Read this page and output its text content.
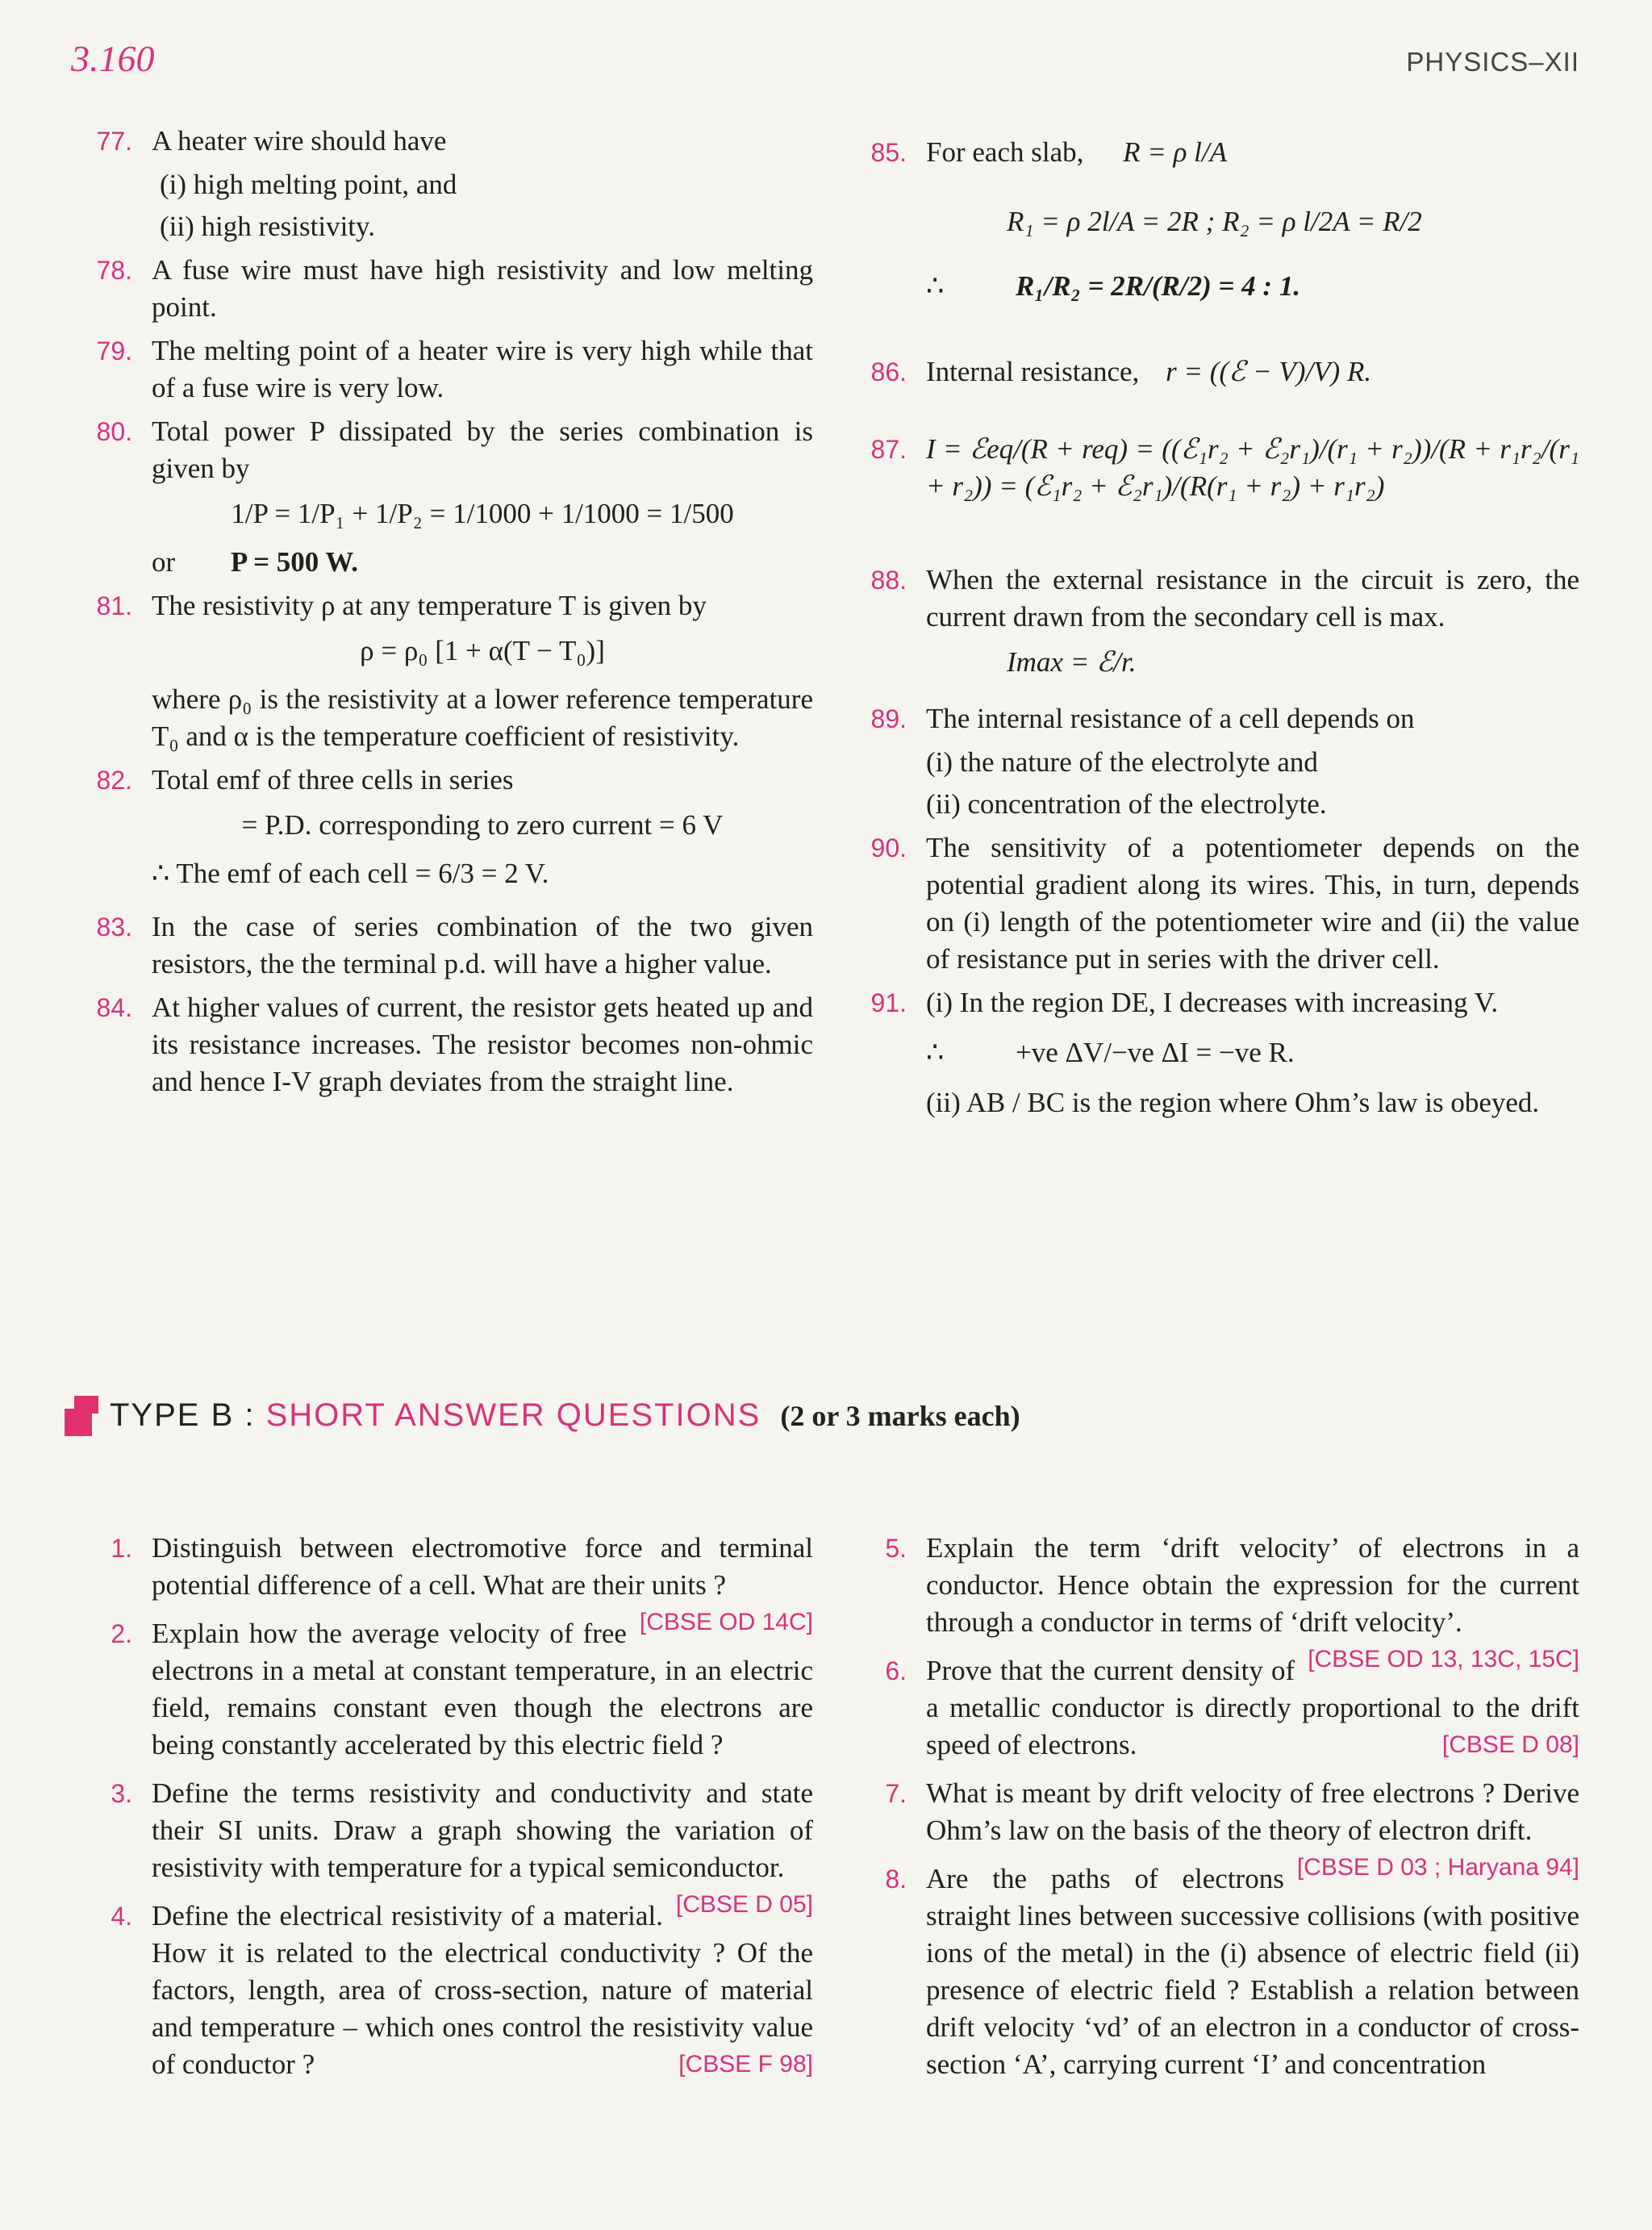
3.160	PHYSICS–XII
77. A heater wire should have
(i) high melting point, and
(ii) high resistivity.
78. A fuse wire must have high resistivity and low melting point.
79. The melting point of a heater wire is very high while that of a fuse wire is very low.
80. Total power P dissipated by the series combination is given by
1/P = 1/P₁ + 1/P₂ = 1/1000 + 1/1000 = 1/500
or P = 500 W.
81. The resistivity ρ at any temperature T is given by
ρ = ρ₀ [1 + α(T − T₀)]
where ρ₀ is the resistivity at a lower reference temperature T₀ and α is the temperature coefficient of resistivity.
82. Total emf of three cells in series
= P.D. corresponding to zero current = 6 V
∴ The emf of each cell = 6/3 = 2 V.
83. In the case of series combination of the two given resistors, the the terminal p.d. will have a higher value.
84. At higher values of current, the resistor gets heated up and its resistance increases. The resistor becomes non-ohmic and hence I-V graph deviates from the straight line.
85. For each slab, R = ρ l/A
R₁ = ρ 2l/A = 2R ; R₂ = ρ l/2A = R/2
∴	R₁/R₂ = 2R/(R/2) = 4 : 1.
86. Internal resistance, r = ((ℰ − V)/V) R.
87. I = ℰeq/(R + req) = ((ℰ₁r₂ + ℰ₂r₁)/(r₁ + r₂))/(R + r₁r₂/(r₁ + r₂)) = (ℰ₁r₂ + ℰ₂r₁)/(R(r₁ + r₂) + r₁r₂)
88. When the external resistance in the circuit is zero, the current drawn from the secondary cell is max.
Imax = ℰ/r.
89. The internal resistance of a cell depends on
(i) the nature of the electrolyte and
(ii) concentration of the electrolyte.
90. The sensitivity of a potentiometer depends on the potential gradient along its wires. This, in turn, depends on (i) length of the potentiometer wire and (ii) the value of resistance put in series with the driver cell.
91. (i) In the region DE, I decreases with increasing V.
∴	+ve ΔV/−ve ΔI = −ve R.
(ii) AB / BC is the region where Ohm’s law is obeyed.
TYPE B : SHORT ANSWER QUESTIONS (2 or 3 marks each)
1. Distinguish between electromotive force and terminal potential difference of a cell. What are their units ?
[CBSE OD 14C]
2. Explain how the average velocity of free electrons in a metal at constant temperature, in an electric field, remains constant even though the electrons are being constantly accelerated by this electric field ?
3. Define the terms resistivity and conductivity and state their SI units. Draw a graph showing the variation of resistivity with temperature for a typical semiconductor.
[CBSE D 05]
4. Define the electrical resistivity of a material. How it is related to the electrical conductivity ? Of the factors, length, area of cross-section, nature of material and temperature – which ones control the resistivity value of conductor ?	[CBSE F 98]
5. Explain the term ‘drift velocity’ of electrons in a conductor. Hence obtain the expression for the current through a conductor in terms of ‘drift velocity’.
[CBSE OD 13, 13C, 15C]
6. Prove that the current density of a metallic conductor is directly proportional to the drift speed of electrons.	[CBSE D 08]
7. What is meant by drift velocity of free electrons ? Derive Ohm’s law on the basis of the theory of electron drift.
[CBSE D 03 ; Haryana 94]
8. Are the paths of electrons straight lines between successive collisions (with positive ions of the metal) in the (i) absence of electric field (ii) presence of electric field ? Establish a relation between drift velocity ‘vd’ of an electron in a conductor of cross-section ‘A’, carrying current ‘I’ and concentration
